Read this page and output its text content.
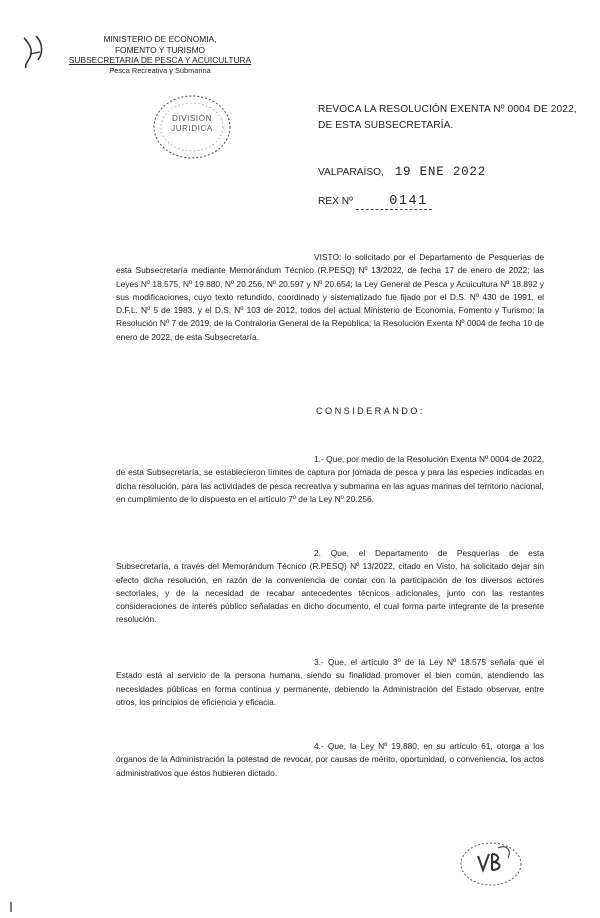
MINISTERIO DE ECONOMIA,
FOMENTO Y TURISMO
SUBSECRETARIA DE PESCA Y ACUICULTURA
Pesca Recreativa y Submarina
DIVISIÓN
JURIDICA
REVOCA LA RESOLUCIÓN EXENTA Nº 0004 DE 2022,
DE ESTA SUBSECRETARÍA.
VALPARAÍSO, 19 ENE 2022
REX Nº	0141
VISTO: lo solicitado por el Departamento de Pesquerías de esta Subsecretaría mediante Memorándum Técnico (R.PESQ) Nº 13/2022, de fecha 17 de enero de 2022; las Leyes Nº 18.575, Nº 19.880, Nº 20.256, Nº 20.597 y Nº 20.654; la Ley General de Pesca y Acuicultura Nº 18.892 y sus modificaciones, cuyo texto refundido, coordinado y sistematizado fue fijado por el D.S. Nº 430 de 1991, el D.F.L. Nº 5 de 1983, y el D.S. Nº 103 de 2012, todos del actual Ministerio de Economía, Fomento y Turismo; la Resolución Nº 7 de 2019, de la Contraloría General de la República; la Resolución Exenta Nº 0004 de fecha 10 de enero de 2022, de esta Subsecretaría.
CONSIDERANDO:
1.- Que, por medio de la Resolución Exenta Nº 0004 de 2022, de esta Subsecretaría, se establecieron límites de captura por jornada de pesca y para las especies indicadas en dicha resolución, para las actividades de pesca recreativa y submarina en las aguas marinas del territorio nacional, en cumplimiento de lo dispuesto en el artículo 7º de la Ley Nº 20.256.
2. Que, el Departamento de Pesquerías de esta Subsecretaría, a través del Memorándum Técnico (R.PESQ) Nº 13/2022, citado en Visto, ha solicitado dejar sin efecto dicha resolución, en razón de la conveniencia de contar con la participación de los diversos actores sectoriales, y de la necesidad de recabar antecedentes técnicos adicionales, junto con las restantes consideraciones de interés público señaladas en dicho documento, el cual forma parte integrante de la presente resolución.
3.- Que, el artículo 3º de la Ley Nº 18.575 señala que el Estado está al servicio de la persona humana, siendo su finalidad promover el bien común, atendiendo las necesidades públicas en forma continua y permanente, debiendo la Administración del Estado observar, entre otros, los principios de eficiencia y eficacia.
4.- Que, la Ley Nº 19.880, en su artículo 61, otorga a los órganos de la Administración la potestad de revocar, por causas de mérito, oportunidad, o conveniencia, los actos administrativos que éstos hubieren dictado.
